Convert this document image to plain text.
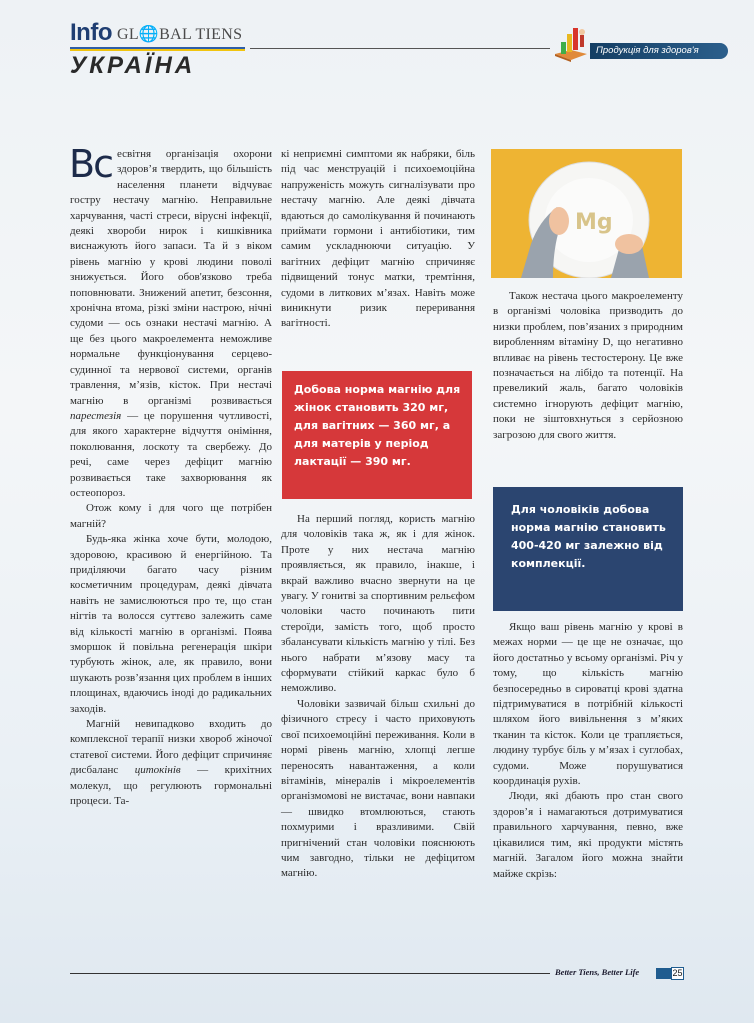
Info GL🌐BAL TIENS
УКРАЇНА
Продукція для здоров'я

Вс есвітня організація охорони здоров’я твердить, що більшість населення планети відчуває гостру нестачу магнію. Неправильне харчування, часті стреси, вірусні інфекції, деякі хвороби нирок і кишківника виснажують його запаси. Та й з віком рівень магнію у крові людини поволі знижується. Його обов'язково треба поповнювати. Знижений апетит, безсоння, хронічна втома, різкі зміни настрою, нічні судоми — ось ознаки нестачі магнію. А ще без цього макроелемента неможливе нормальне функціонування серцево-судинної та нервової системи, органів травлення, м’язів, кісток. При нестачі магнію в організмі розвивається парестезія — це порушення чутливості, для якого характерне відчуття оніміння, поколювання, лоскоту та свербежу. До речі, саме через дефіцит магнію розвивається таке захворювання як остеопороз.

Отож кому і для чого ще потрібен магній?

Будь-яка жінка хоче бути, молодою, здоровою, красивою й енергійною. Та приділяючи багато часу різним косметичним процедурам, деякі дівчата навіть не замислюються про те, що стан нігтів та волосся суттєво залежить саме від кількості магнію в організмі. Поява зморшок й повільна регенерація шкіри турбують жінок, але, як правило, вони шукають розв’язання цих проблем в інших площинах, вдаючись іноді до радикальних заходів.

Магній невипадково входить до комплексної терапії низки хвороб жіночої статевої системи. Його дефіцит спричиняє дисбаланс цитокінів — крихітних молекул, що регулюють гормональні процеси. Та-

кі неприємні симптоми як набряки, біль під час менструацій і психоемоційна напруженість можуть сигналізувати про нестачу магнію. Але деякі дівчата вдаються до самолікування й починають приймати гормони і антибіотики, тим самим ускладнюючи ситуацію. У вагітних дефіцит магнію спричиняє підвищений тонус матки, тремтіння, судоми в литкових м’язах. Навіть може виникнути ризик переривання вагітності.

Добова норма магнію для жінок становить 320 мг, для вагітних — 360 мг, а для матерів у період лактації — 390 мг.

На перший погляд, користь магнію для чоловіків така ж, як і для жінок. Проте у них нестача магнію проявляється, як правило, інакше, і вкрай важливо вчасно звернути на це увагу. У гонитві за спортивним рельєфом чоловіки часто починають пити стероїди, замість того, щоб просто збалансувати кількість магнію у тілі. Без нього набрати м’язову масу та сформувати стійкий каркас було б неможливо.

Чоловіки зазвичай більш схильні до фізичного стресу і часто приховують свої психоемоційні переживання. Коли в нормі рівень магнію, хлопці легше переносять навантаження, а коли вітамінів, мінералів і мікроелементів організмомові не вистачає, вони навпаки — швидко втомлюються, стають похмурими і вразливими. Свій пригнічений стан чоловіки пояснюють чим завгодно, тільки не дефіцитом магнію.

Mg

Також нестача цього макроелементу в організмі чоловіка призводить до низки проблем, пов’язаних з природним виробленням вітаміну D, що негативно впливає на рівень тестостерону. Це вже позначається на лібідо та потенції. На превеликий жаль, багато чоловіків системно ігнорують дефіцит магнію, поки не зіштовхнуться з серйозною загрозою для свого життя.

Для чоловіків добова норма магнію становить 400-420 мг залежно від комплекції.

Якщо ваш рівень магнію у крові в межах норми — це ще не означає, що його достатньо у всьому організмі. Річ у тому, що кількість магнію безпосередньо в сироватці крові здатна підтримуватися в потрібній кількості шляхом його вивільнення з м’яких тканин та кісток. Коли це трапляється, людину турбує біль у м’язах і суглобах, судоми. Може порушуватися координація рухів.

Люди, які дбають про стан свого здоров’я і намагаються дотримуватися правильного харчування, певно, вже цікавилися тим, які продукти містять магній. Загалом його можна знайти майже скрізь:

Better Tiens, Better Life	25
